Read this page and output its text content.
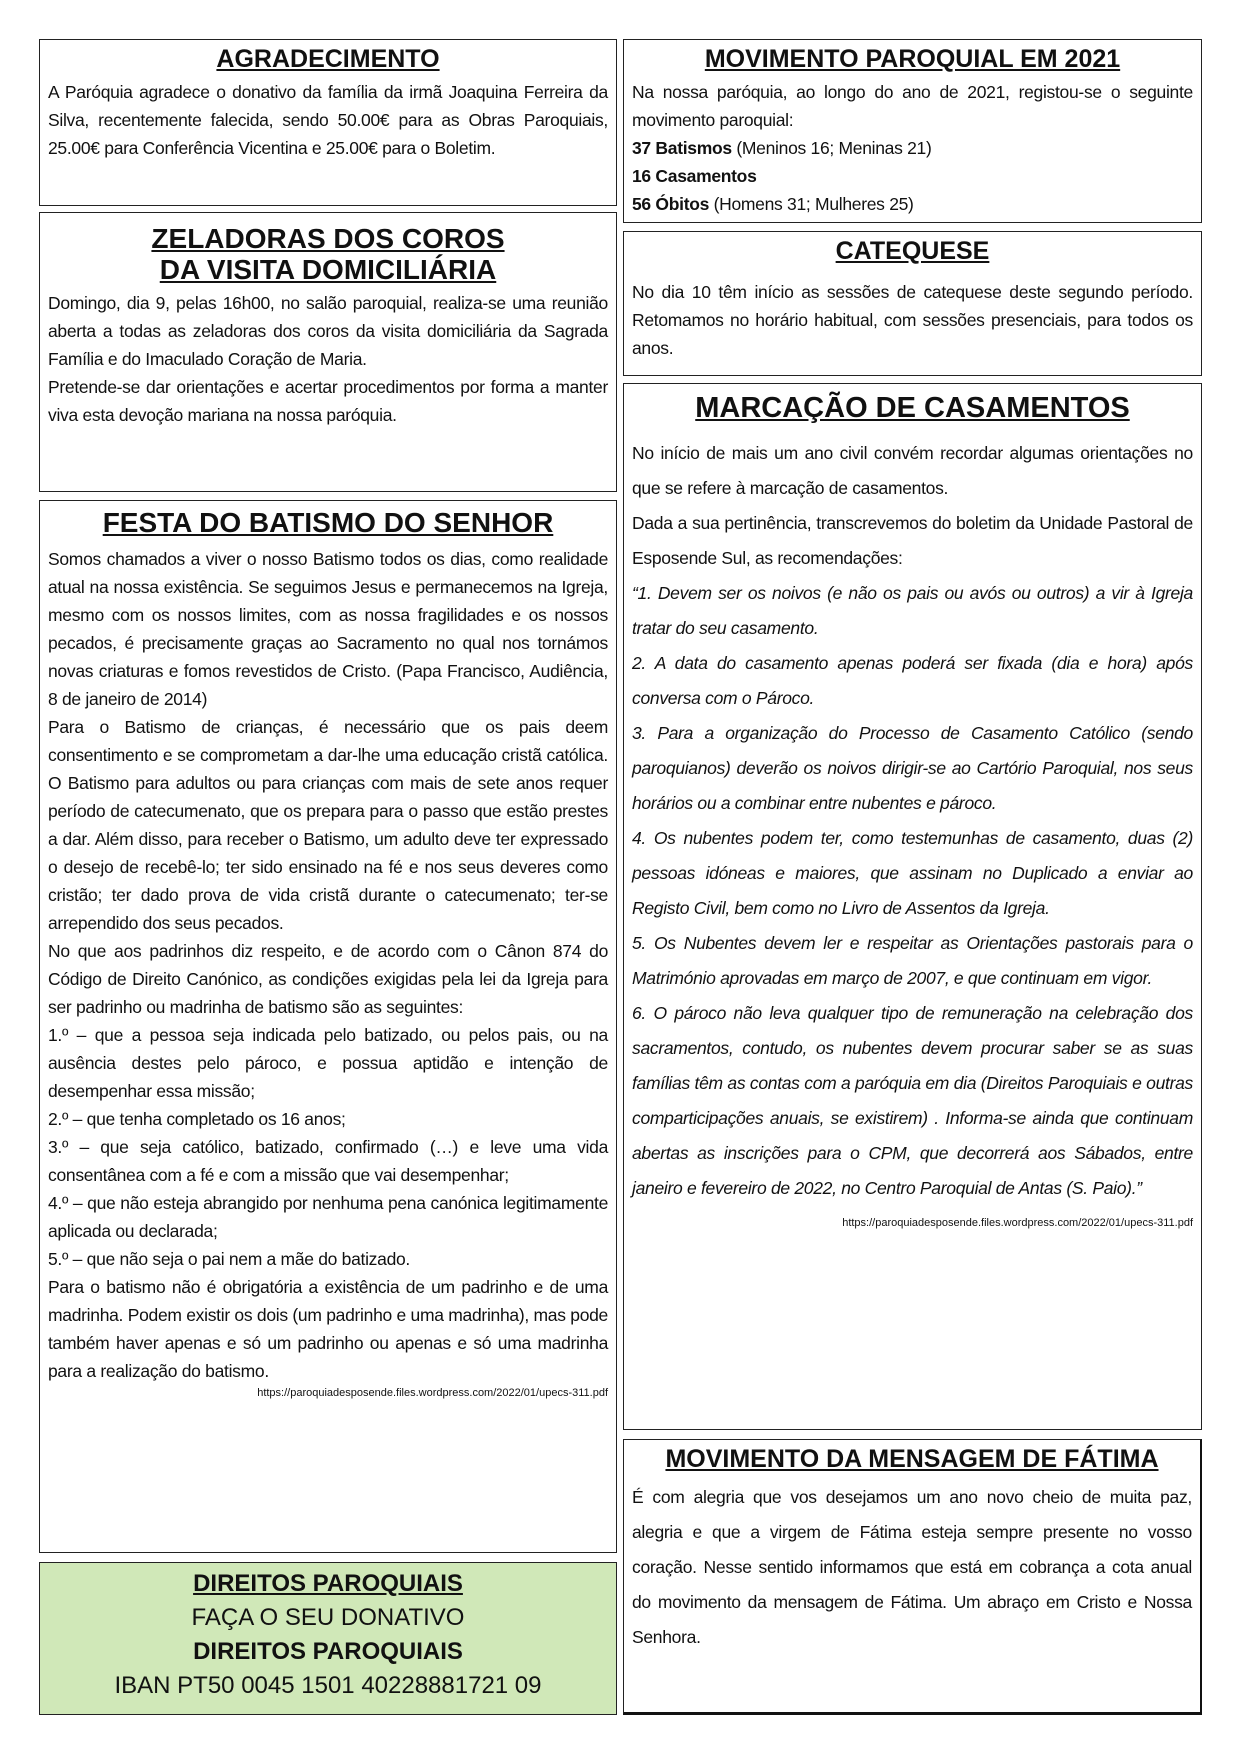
AGRADECIMENTO

A Paróquia agradece o donativo da família da irmã Joaquina Ferreira da Silva, recentemente falecida, sendo 50.00€ para as Obras Paroquiais, 25.00€ para Conferência Vicentina e 25.00€ para o Boletim.

ZELADORAS DOS COROS
DA VISITA DOMICILIÁRIA

Domingo, dia 9, pelas 16h00, no salão paroquial, realiza-se uma reunião aberta a todas as zeladoras dos coros da visita domiciliária da Sagrada Família e do Imaculado Coração de Maria.

Pretende-se dar orientações e acertar procedimentos por forma a manter viva esta devoção mariana na nossa paróquia.

FESTA DO BATISMO DO SENHOR

Somos chamados a viver o nosso Batismo todos os dias, como realidade atual na nossa existência. Se seguimos Jesus e permanecemos na Igreja, mesmo com os nossos limites, com as nossa fragilidades e os nossos pecados, é precisamente graças ao Sacramento no qual nos tornámos novas criaturas e fomos revestidos de Cristo. (Papa Francisco, Audiência, 8 de janeiro de 2014)

Para o Batismo de crianças, é necessário que os pais deem consentimento e se comprometam a dar-lhe uma educação cristã católica. O Batismo para adultos ou para crianças com mais de sete anos requer período de catecumenato, que os prepara para o passo que estão prestes a dar. Além disso, para receber o Batismo, um adulto deve ter expressado o desejo de recebê-lo; ter sido ensinado na fé e nos seus deveres como cristão; ter dado prova de vida cristã durante o catecumenato; ter-se arrependido dos seus pecados.

No que aos padrinhos diz respeito, e de acordo com o Cânon 874 do Código de Direito Canónico, as condições exigidas pela lei da Igreja para ser padrinho ou madrinha de batismo são as seguintes:

1.º – que a pessoa seja indicada pelo batizado, ou pelos pais, ou na ausência destes pelo pároco, e possua aptidão e intenção de desempenhar essa missão;

2.º – que tenha completado os 16 anos;

3.º – que seja católico, batizado, confirmado (…) e leve uma vida consentânea com a fé e com a missão que vai desempenhar;

4.º – que não esteja abrangido por nenhuma pena canónica legitimamente aplicada ou declarada;

5.º – que não seja o pai nem a mãe do batizado.

Para o batismo não é obrigatória a existência de um padrinho e de uma madrinha. Podem existir os dois (um padrinho e uma madrinha), mas pode também haver apenas e só um padrinho ou apenas e só uma madrinha para a realização do batismo.

https://paroquiadesposende.files.wordpress.com/2022/01/upecs-311.pdf

DIREITOS PAROQUIAIS
FAÇA O SEU DONATIVO
DIREITOS PAROQUIAIS
IBAN PT50 0045 1501 40228881721 09
MOVIMENTO PAROQUIAL EM 2021

Na nossa paróquia, ao longo do ano de 2021, registou-se o seguinte movimento paroquial:

37 Batismos (Meninos 16; Meninas 21)

16 Casamentos

56 Óbitos (Homens 31; Mulheres 25)

CATEQUESE

No dia 10 têm início as sessões de catequese deste segundo período. Retomamos no horário habitual, com sessões presenciais, para todos os anos.

MARCAÇÃO DE CASAMENTOS

No início de mais um ano civil convém recordar algumas orientações no que se refere à marcação de casamentos.

Dada a sua pertinência, transcrevemos do boletim da Unidade Pastoral de Esposende Sul, as recomendações:

“1. Devem ser os noivos (e não os pais ou avós ou outros) a vir à Igreja tratar do seu casamento.

2. A data do casamento apenas poderá ser fixada (dia e hora) após conversa com o Pároco.

3. Para a organização do Processo de Casamento Católico (sendo paroquianos) deverão os noivos dirigir-se ao Cartório Paroquial, nos seus horários ou a combinar entre nubentes e pároco.

4. Os nubentes podem ter, como testemunhas de casamento, duas (2) pessoas idóneas e maiores, que assinam no Duplicado a enviar ao Registo Civil, bem como no Livro de Assentos da Igreja.

5. Os Nubentes devem ler e respeitar as Orientações pastorais para o Matrimónio aprovadas em março de 2007, e que continuam em vigor.

6. O pároco não leva qualquer tipo de remuneração na celebração dos sacramentos, contudo, os nubentes devem procurar saber se as suas famílias têm as contas com a paróquia em dia (Direitos Paroquiais e outras comparticipações anuais, se existirem) . Informa-se ainda que continuam abertas as inscrições para o CPM, que decorrerá aos Sábados, entre janeiro e fevereiro de 2022, no Centro Paroquial de Antas (S. Paio).”

https://paroquiadesposende.files.wordpress.com/2022/01/upecs-311.pdf

MOVIMENTO DA MENSAGEM DE FÁTIMA

É com alegria que vos desejamos um ano novo cheio de muita paz, alegria e que a virgem de Fátima esteja sempre presente no vosso coração. Nesse sentido informamos que está em cobrança a cota anual do movimento da mensagem de Fátima. Um abraço em Cristo e Nossa Senhora.
